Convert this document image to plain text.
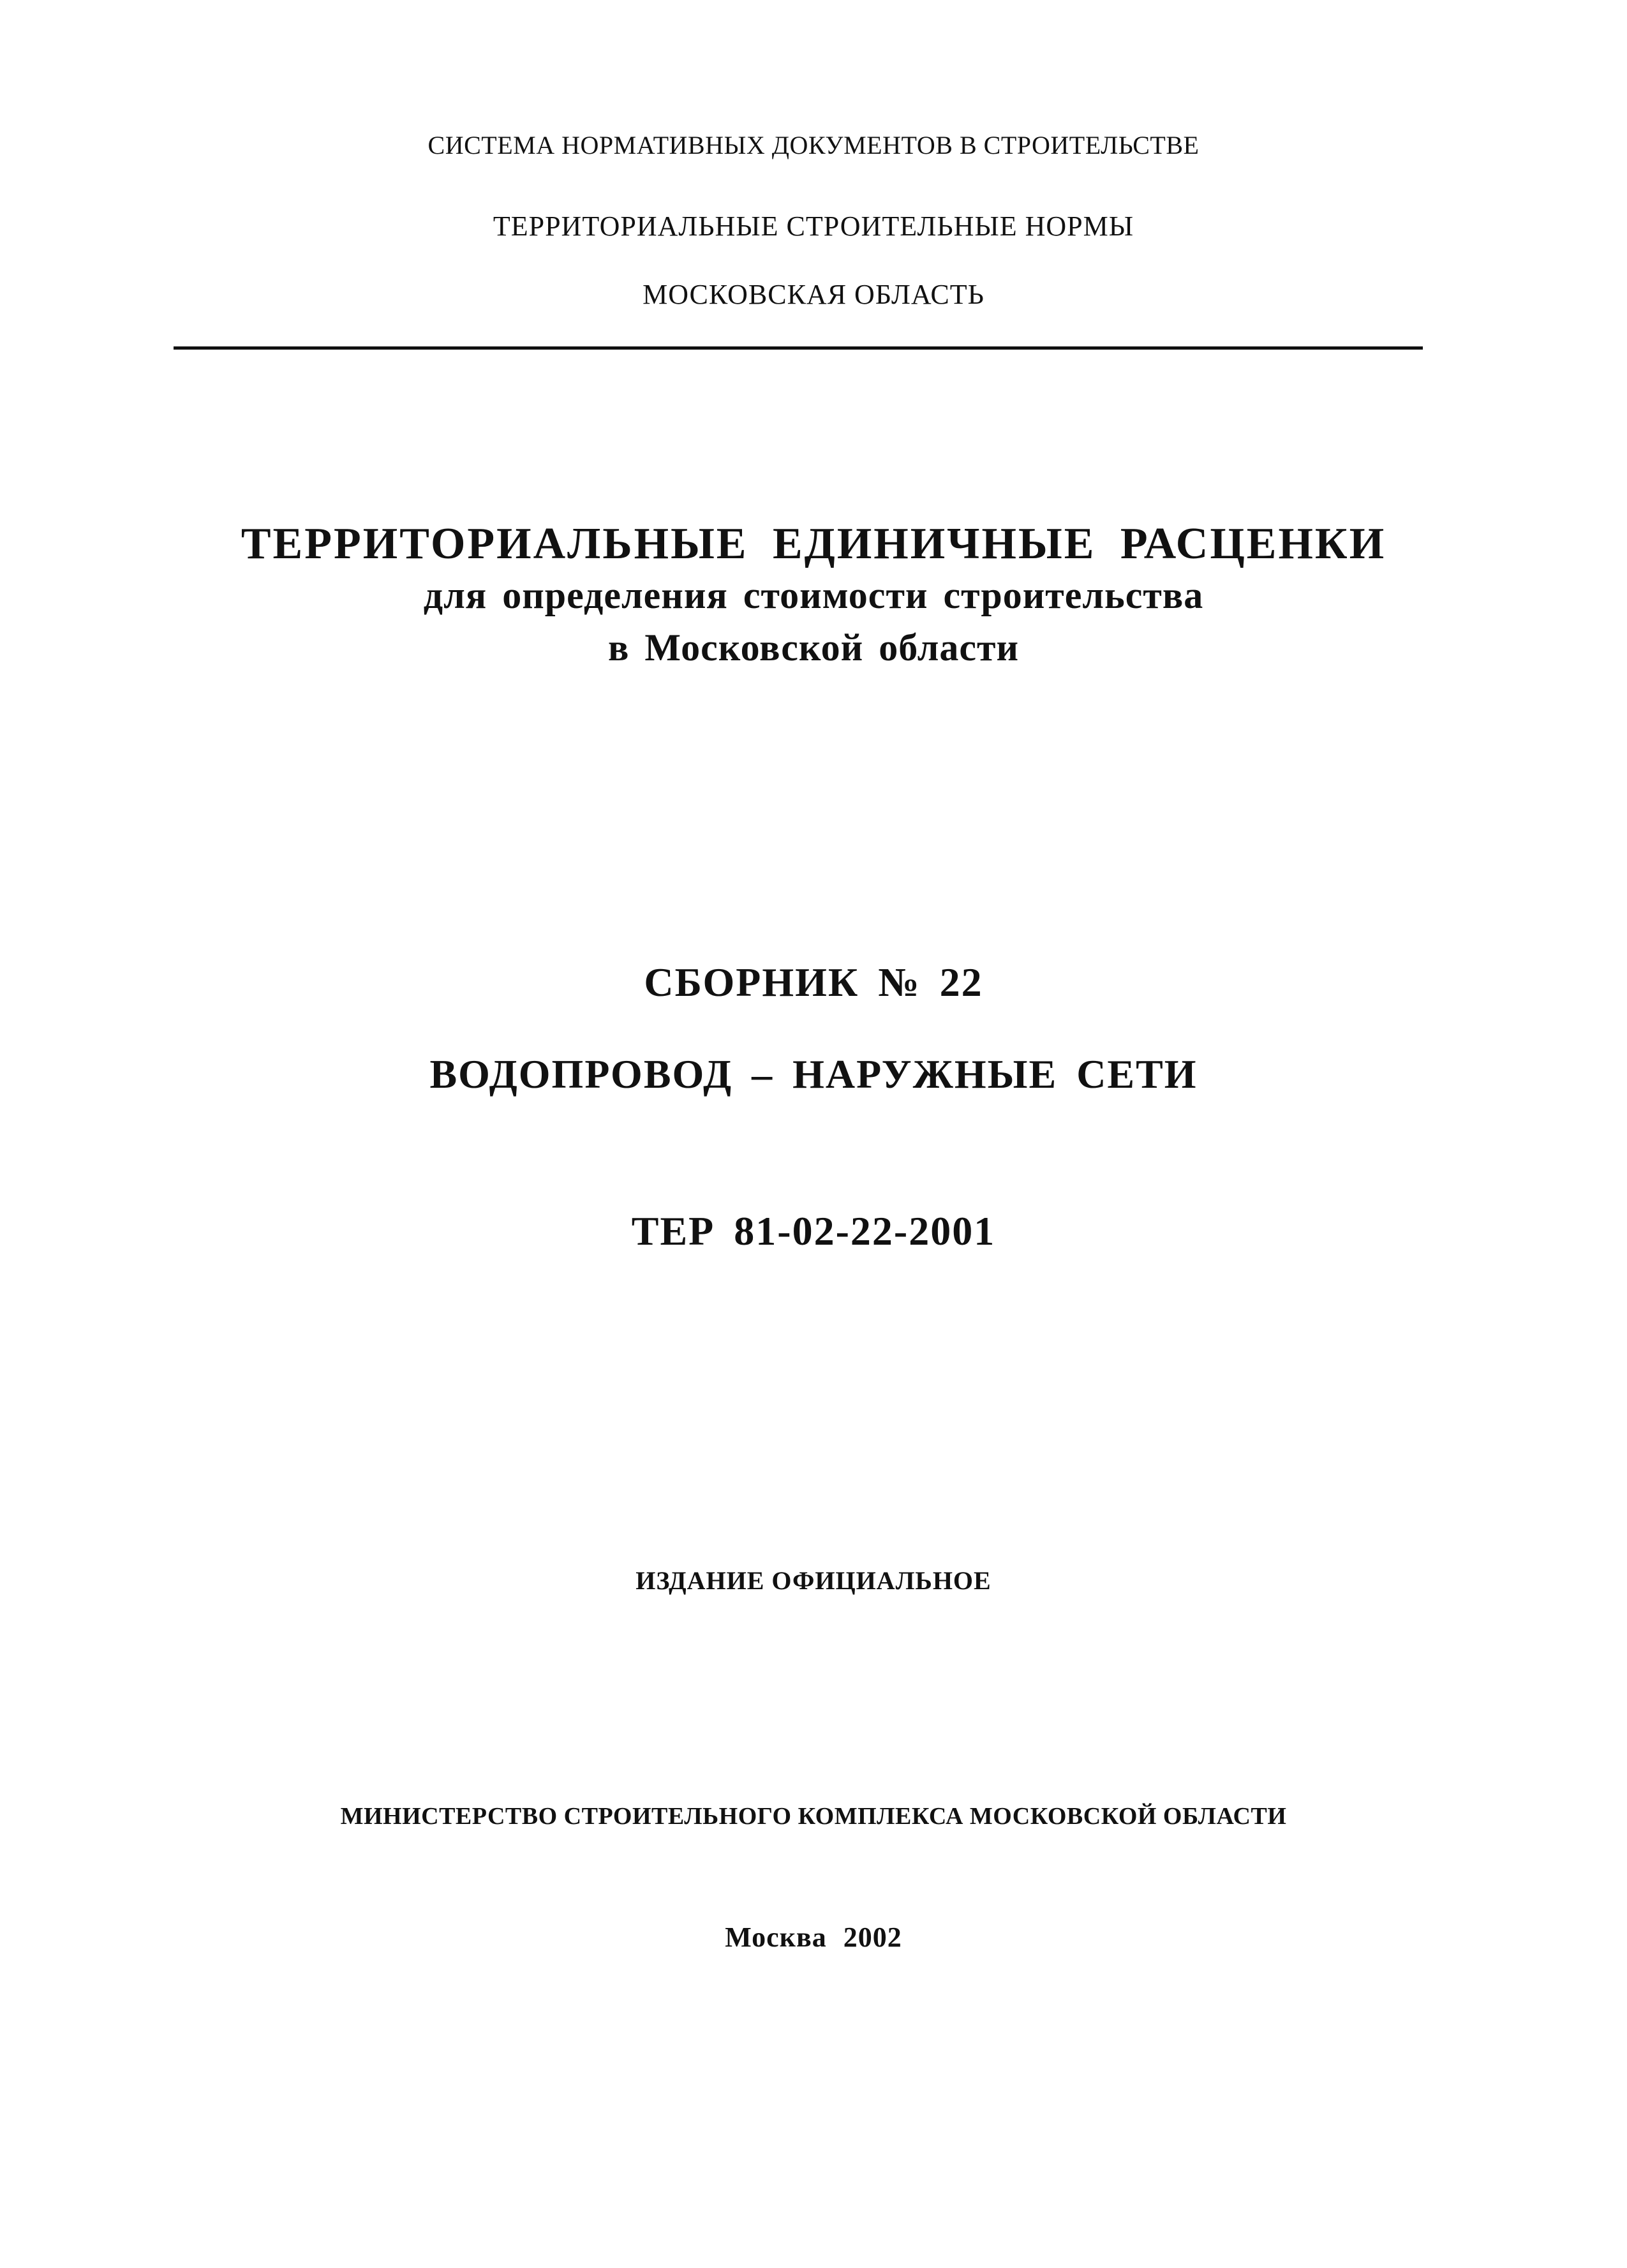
СИСТЕМА НОРМАТИВНЫХ ДОКУМЕНТОВ В СТРОИТЕЛЬСТВЕ
ТЕРРИТОРИАЛЬНЫЕ СТРОИТЕЛЬНЫЕ НОРМЫ
МОСКОВСКАЯ ОБЛАСТЬ
ТЕРРИТОРИАЛЬНЫЕ ЕДИНИЧНЫЕ РАСЦЕНКИ
для определения стоимости строительства
в Московской области
СБОРНИК № 22
ВОДОПРОВОД – НАРУЖНЫЕ СЕТИ
ТЕР 81-02-22-2001
ИЗДАНИЕ ОФИЦИАЛЬНОЕ
МИНИСТЕРСТВО СТРОИТЕЛЬНОГО КОМПЛЕКСА МОСКОВСКОЙ ОБЛАСТИ
Москва 2002
